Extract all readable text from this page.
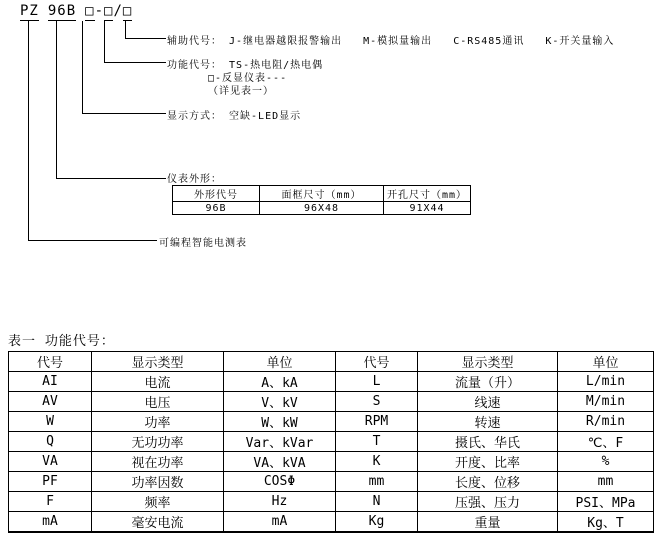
PZ 96B □-□/□
辅助代号： J-继电器越限报警输出 M-模拟量输出 C-RS485通讯 K-开关量输入
功能代号： TS-热电阻/热电偶
□-反显仪表---
（详见表一）
显示方式： 空缺-LED显示
仪表外形：
外形代号	面框尺寸（mm）	开孔尺寸（mm）
96B	96X48	91X44
可编程智能电测表
表一 功能代号：
代号	显示类型	单位	代号	显示类型	单位
AI	电流	A、kA	L	流量（升）	L/min
AV	电压	V、kV	S	线速	M/min
W	功率	W、kW	RPM	转速	R/min
Q	无功功率	Var、kVar	T	摄氏、华氏	℃、F
VA	视在功率	VA、kVA	K	开度、比率	%
PF	功率因数	COSΦ	mm	长度、位移	mm
F	频率	Hz	N	压强、压力	PSI、MPa
mA	毫安电流	mA	Kg	重量	Kg、T
